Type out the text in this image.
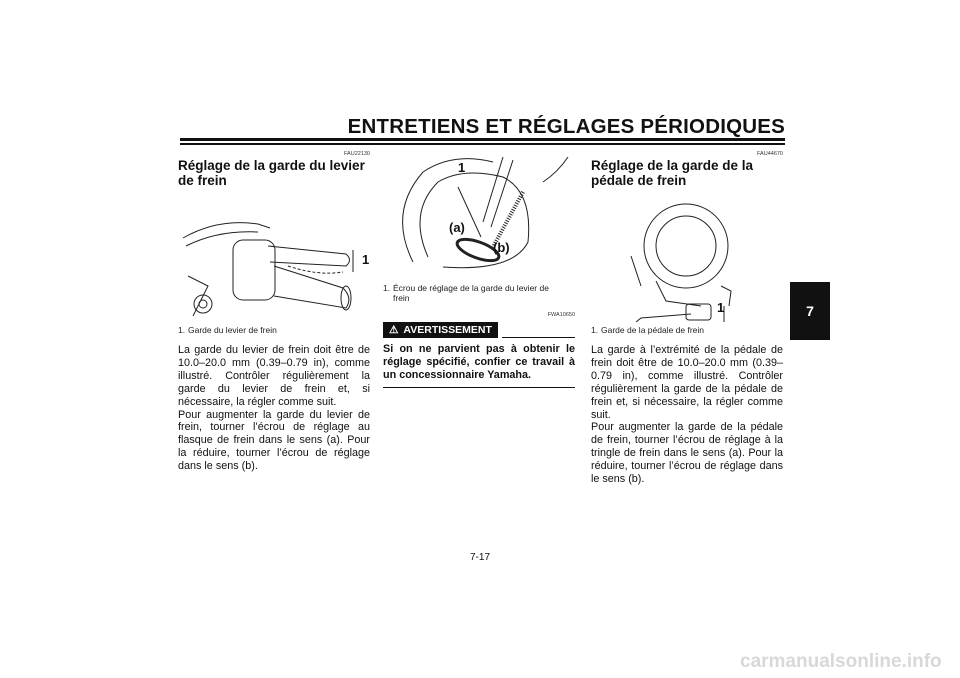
ENTRETIENS ET RÉGLAGES PÉRIODIQUES
FAU22130
Réglage de la garde du levier de frein
1
1. Garde du levier de frein

La garde du levier de frein doit être de 10.0–20.0 mm (0.39–0.79 in), comme illustré. Contrôler régulièrement la garde du levier de frein et, si nécessaire, la régler comme suit.

Pour augmenter la garde du levier de frein, tourner l’écrou de réglage au flasque de frein dans le sens (a). Pour la réduire, tourner l’écrou de réglage dans le sens (b).

1
(a)
(b)
1. Écrou de réglage de la garde du levier de
frein
FWA10650
⚠ AVERTISSEMENT
Si on ne parvient pas à obtenir le réglage spécifié, confier ce travail à un concessionnaire Yamaha.
FAU44670
Réglage de la garde de la pédale de frein
1
1. Garde de la pédale de frein

La garde à l’extrémité de la pédale de frein doit être de 10.0–20.0 mm (0.39–0.79 in), comme illustré. Contrôler régulièrement la garde de la pédale de frein et, si nécessaire, la régler comme suit.

Pour augmenter la garde de la pédale de frein, tourner l’écrou de réglage à la tringle de frein dans le sens (a). Pour la réduire, tourner l’écrou de réglage dans le sens (b).

7
7-17
carmanualsonline.info
